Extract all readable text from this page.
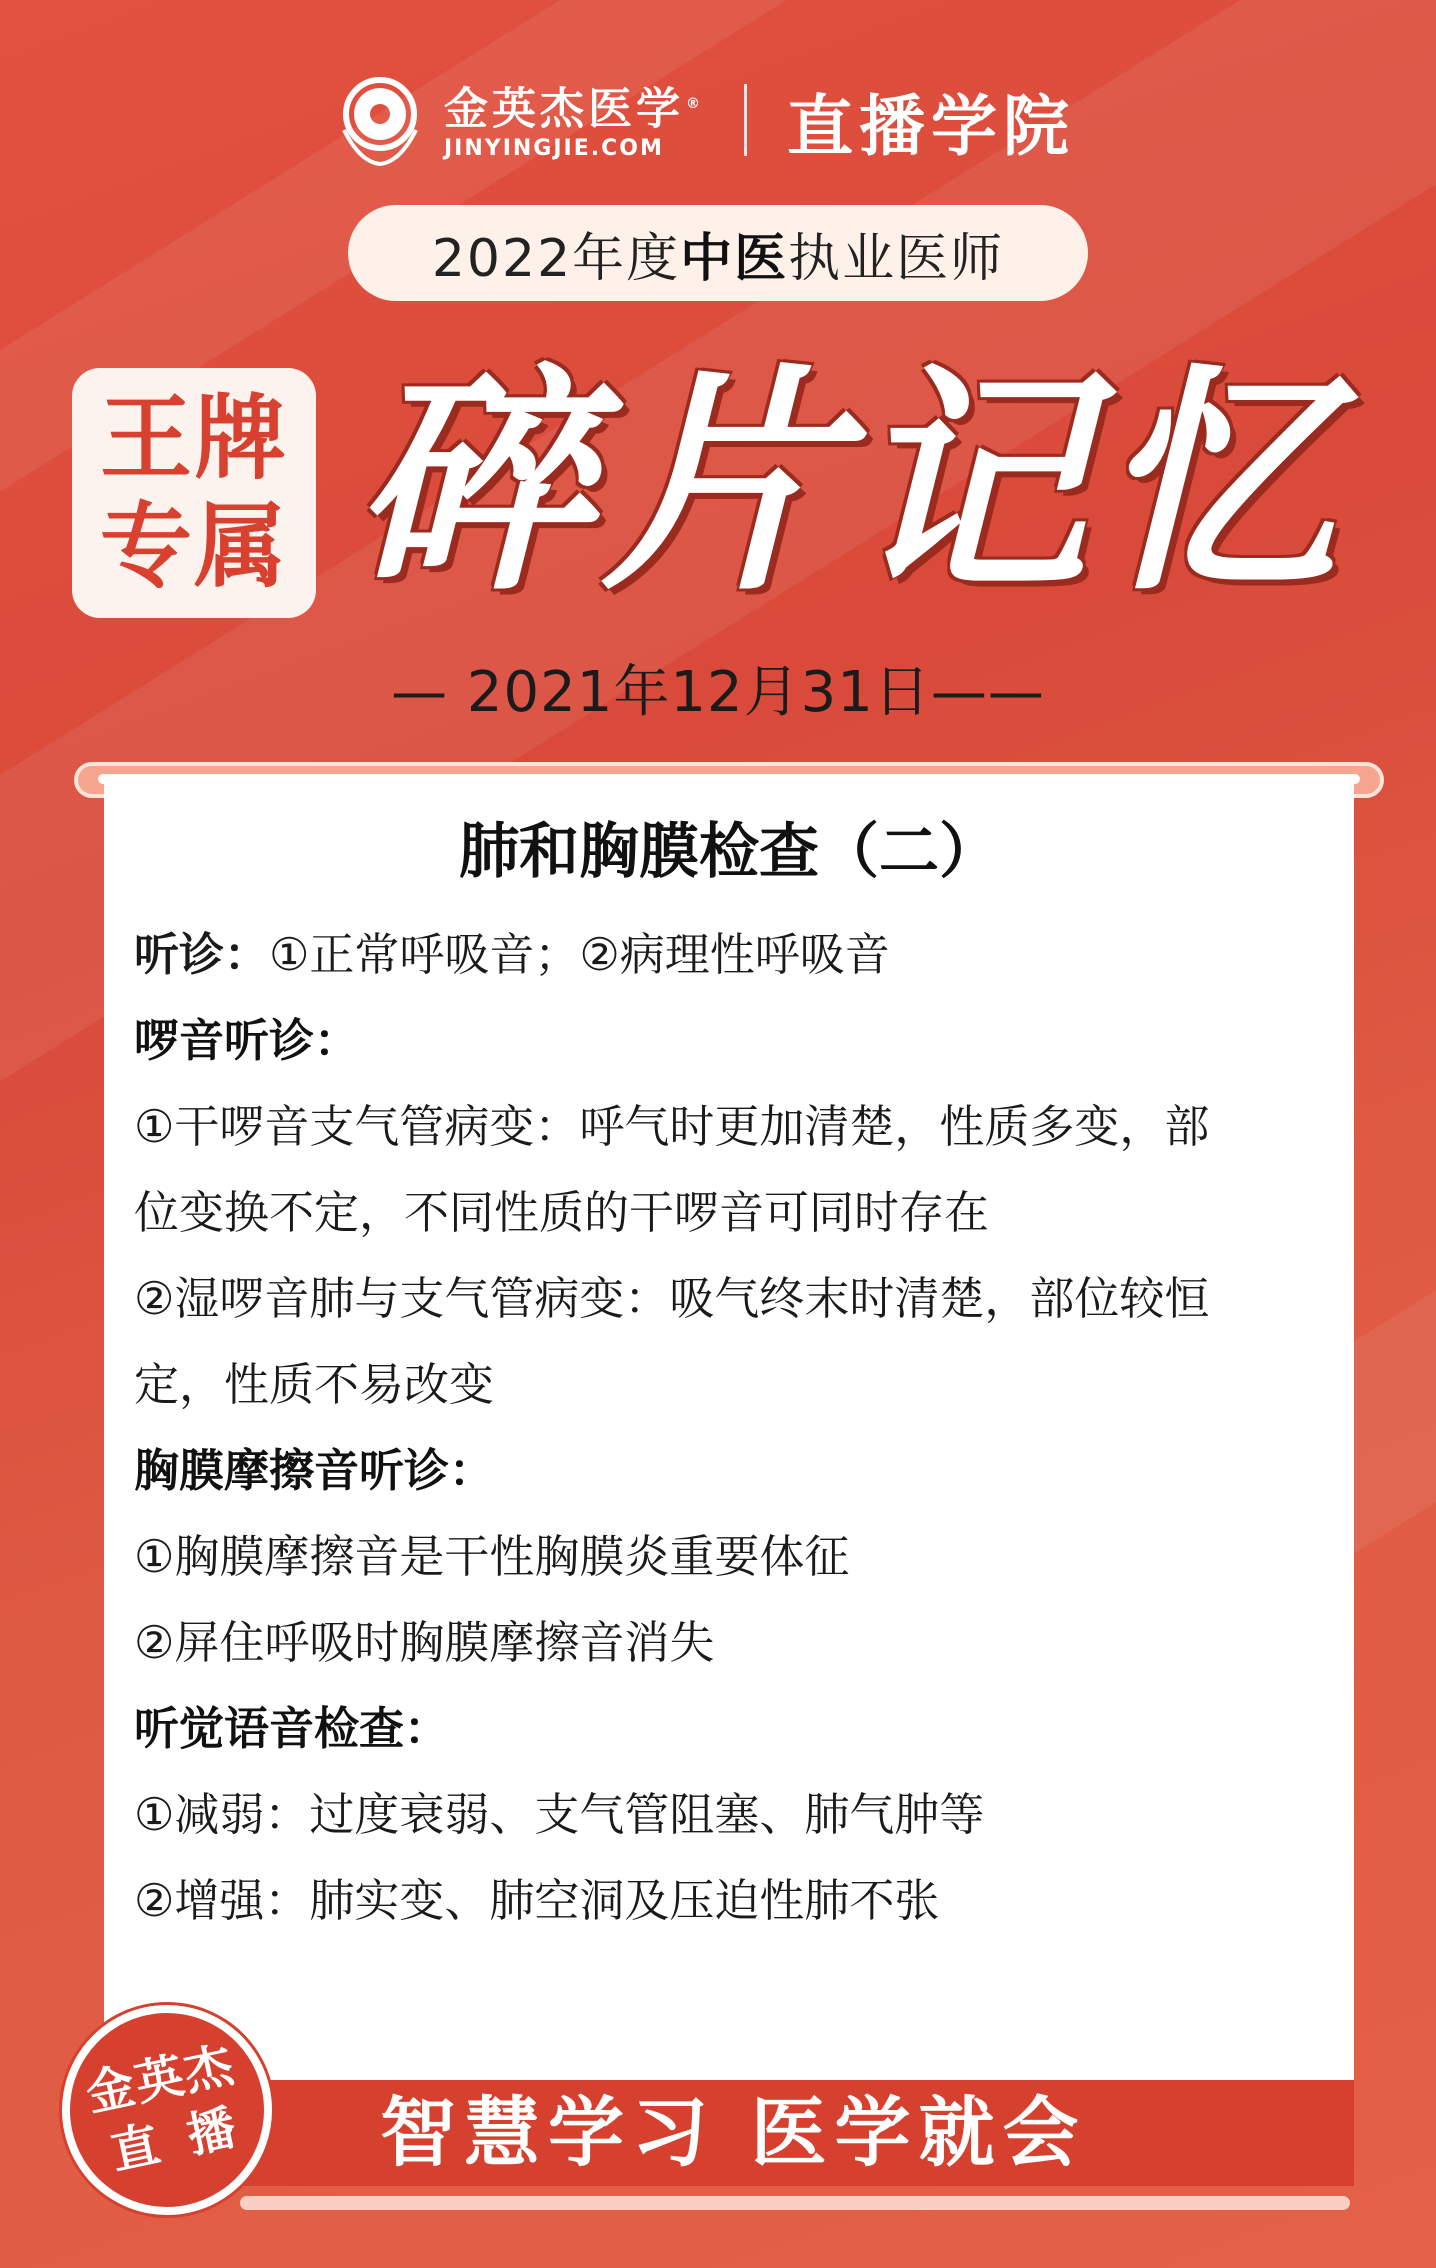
金英杰医学 ®
JINYINGJIE.COM	直播学院
2022年度 中医 执业医师
王牌
专属 碎片记忆
— 2021年12月31日——
肺和胸膜检查（二）
听诊：①正常呼吸音；②病理性呼吸音
啰音听诊：
①干啰音支气管病变：呼气时更加清楚，性质多变，部
位变换不定，不同性质的干啰音可同时存在
②湿啰音肺与支气管病变：吸气终末时清楚，部位较恒
定，性质不易改变
胸膜摩擦音听诊：
①胸膜摩擦音是干性胸膜炎重要体征
②屏住呼吸时胸膜摩擦音消失
听觉语音检查：
①减弱：过度衰弱、支气管阻塞、肺气肿等
②增强：肺实变、肺空洞及压迫性肺不张
智慧学习 医学就会
金英杰
直播
